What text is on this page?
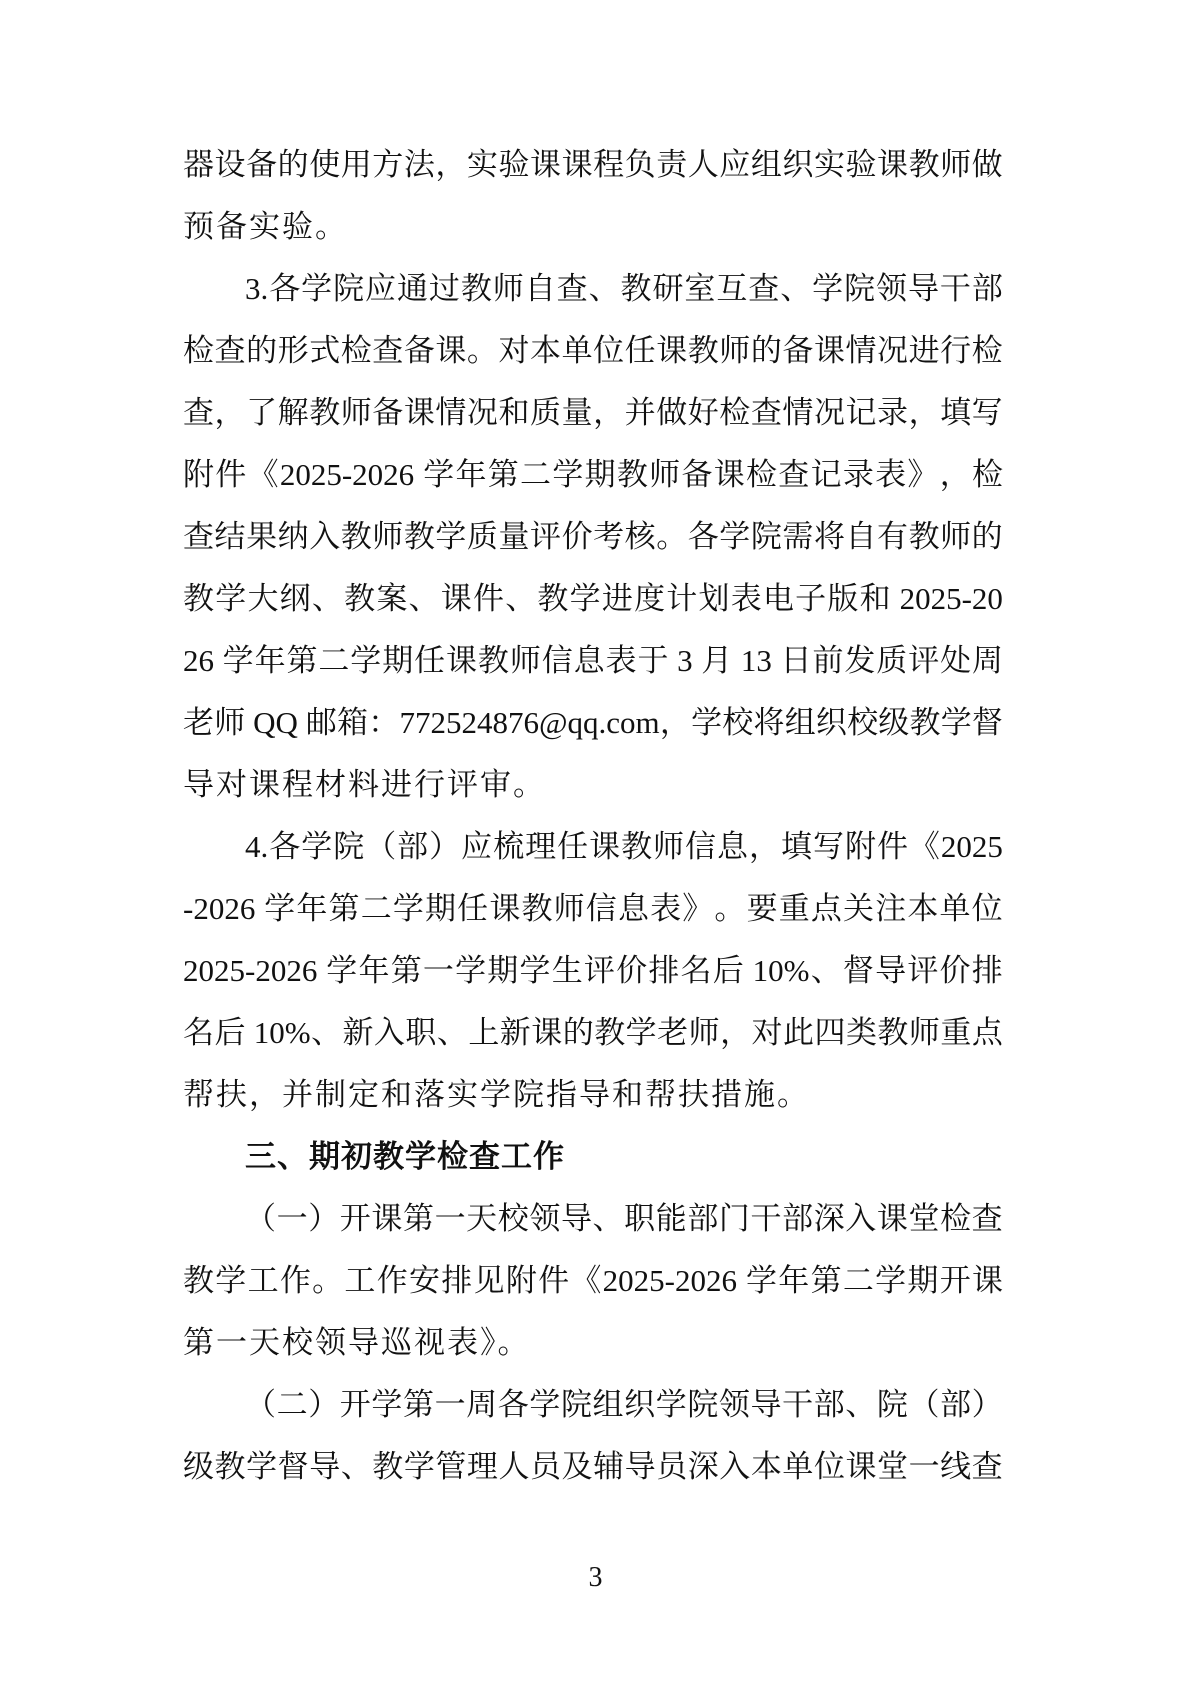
器 设 备 的 使 用 方 法 ， 实 验 课 课 程 负 责 人 应 组 织 实 验 课 教 师 做
预备实验。
3. 各 学 院 应 通 过 教 师 自 查 、 教 研 室 互 查 、 学 院 领 导 干 部
检 查 的 形 式 检 查 备 课 。 对 本 单 位 任 课 教 师 的 备 课 情 况 进 行 检
查 ， 了 解 教 师 备 课 情 况 和 质 量 ， 并 做 好 检 查 情 况 记 录 ， 填 写
附 件 《 2025-2026 学 年 第 二 学 期 教 师 备 课 检 查 记 录 表 》 ， 检
查 结 果 纳 入 教 师 教 学 质 量 评 价 考 核 。 各 学 院 需 将 自 有 教 师 的
教 学 大 纲 、 教 案 、 课 件 、 教 学 进 度 计 划 表 电 子 版 和 2025-20
26 学 年 第 二 学 期 任 课 教 师 信 息 表 于 3 月 13 日 前 发 质 评 处 周
老 师 QQ 邮 箱 ： 772524876@qq.com ， 学 校 将 组 织 校 级 教 学 督
导对课程材料进行评审。
4. 各 学 院 （ 部 ） 应 梳 理 任 课 教 师 信 息 ， 填 写 附 件 《 2025
-2026 学 年 第 二 学 期 任 课 教 师 信 息 表 》 。 要 重 点 关 注 本 单 位
2025-2026 学 年 第 一 学 期 学 生 评 价 排 名 后 10% 、 督 导 评 价 排
名 后 10% 、 新 入 职 、 上 新 课 的 教 学 老 师 ， 对 此 四 类 教 师 重 点
帮扶，并制定和落实学院指导和帮扶措施。
三、期初教学检查工作
（ 一 ） 开 课 第 一 天 校 领 导 、 职 能 部 门 干 部 深 入 课 堂 检 查
教 学 工 作 。 工 作 安 排 见 附 件 《 2025-2026 学 年 第 二 学 期 开 课
第一天校领导巡视表》。
（ 二 ） 开 学 第 一 周 各 学 院 组 织 学 院 领 导 干 部 、 院 （ 部 ）
级 教 学 督 导 、 教 学 管 理 人 员 及 辅 导 员 深 入 本 单 位 课 堂 一 线 查
3
